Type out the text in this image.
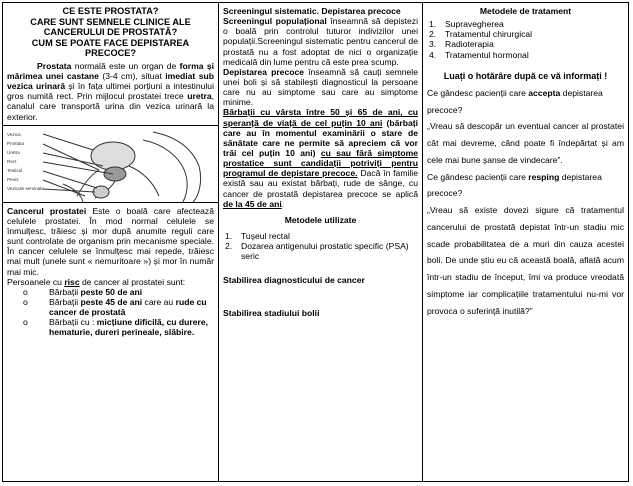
CE ESTE PROSTATA?
CARE SUNT SEMNELE CLINICE ALE CANCERULUI DE PROSTATĂ?
CUM SE POATE FACE DEPISTAREA PRECOCE?

Prostata normală este un organ de forma și mărimea unei castane (3-4 cm), situat imediat sub vezica urinară și în fața ultimei porțiuni a intestinului gros numită rect. Prin mijlocul prostatei trece uretra, canalul care transportă urina din vezica urinară la exterior.

Vezica
Prostata
Uretra
Rect
Testicul
Penis
Vezicule seminale

Cancerul prostatei Este o boală care afectează celulele prostatei. În mod normal celulele se înmulțesc, trăiesc și mor după anumite reguli care sunt controlate de organism prin mecanisme speciale. În cancer celulele se înmulțesc mai repede, trăiesc mai mult (unele sunt « nemuritoare ») și mor în număr mai mic.

Persoanele cu risc de cancer al prostatei sunt:

o Bărbații peste 50 de ani
o Bărbații peste 45 de ani care au rude cu cancer de prostată
o Bărbații cu : micțiune dificilă, cu durere, hematurie, dureri perineale, slăbire.

Screeningul sistematic. Depistarea precoce

Screeningul populațional înseamnă să depistezi o boală prin controlul tuturor indivizilor unei populații.Screeningul sistematic pentru cancerul de prostată nu a fost adoptat de nici o organizație medicală din lume pentru că este prea scump.

Depistarea precoce înseamnă să cauți semnele unei boli și să stabilești diagnosticul la persoane care nu au simptome sau care au simptome minime.

Bărbații cu vârsta între 50 și 65 de ani, cu speranță de viață de cel puțin 10 ani (bărbați care au în momentul examinării o stare de sănătate care ne permite să apreciem că vor trăi cel puțin 10 ani) cu sau fără simptome prostatice sunt candidații potriviți pentru programul de depistare precoce. Dacă în familie există sau au existat bărbați, rude de sânge, cu cancer de prostată depistarea precoce se aplică de la 45 de ani.

Metodele utilizate

1. Tușeul rectal
2. Dozarea antigenului prostatic specific (PSA) seric

Stabilirea diagnosticului de cancer

Stabilirea stadiului bolii

Metodele de tratament

1. Supravegherea
2. Tratamentul chirurgical
3. Radioterapia
4. Tratamentul hormonal

Luați o hotărâre după ce vă informați !

Ce gândesc pacienții care accepta depistarea precoce?

„Vreau să descopăr un eventual cancer al prostatei cât mai devreme, când poate fi îndepărtat și am cele mai bune șanse de vindecare”.

Ce gândesc pacienții care resping depistarea precoce?

„Vreau să existe dovezi sigure că tratamentul cancerului de prostată depistat într-un stadiu mic scade probabilitatea de a muri din cauza acestei boli. De unde știu eu că această boală, aflată acum într-un stadiu de început, îmi va produce vreodată simptome iar complicațiile tratamentului nu-mi vor provoca o suferință inutilă?”
